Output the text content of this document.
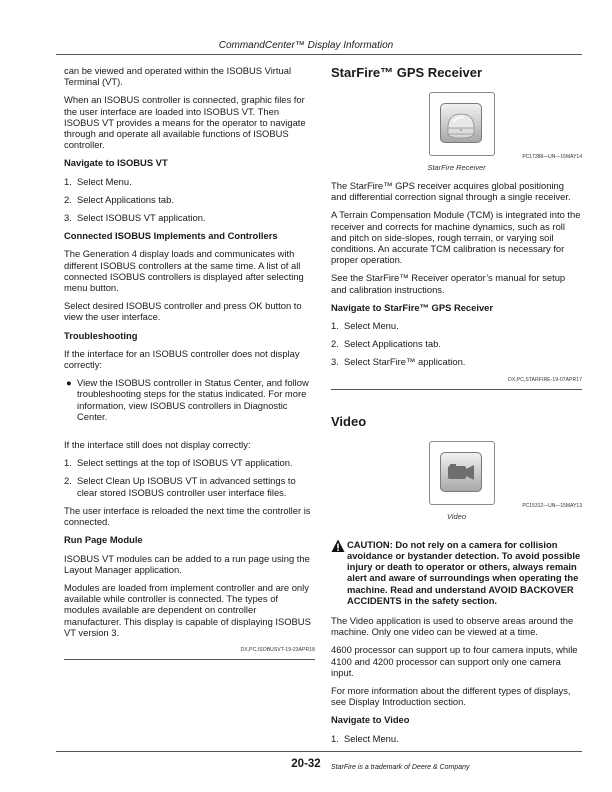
CommandCenter™ Display Information

can be viewed and operated within the ISOBUS Virtual Terminal (VT).

When an ISOBUS controller is connected, graphic files for the user interface are loaded into ISOBUS VT. Then ISOBUS VT provides a means for the operator to navigate through and operate all available functions of ISOBUS controller.

Navigate to ISOBUS VT
1. Select Menu.
2. Select Applications tab.
3. Select ISOBUS VT application.
Connected ISOBUS Implements and Controllers

The Generation 4 display loads and communicates with different ISOBUS controllers at the same time. A list of all connected ISOBUS controllers is displayed after selecting menu button.

Select desired ISOBUS controller and press OK button to view the user interface.

Troubleshooting

If the interface for an ISOBUS controller does not display correctly:

● View the ISOBUS controller in Status Center, and follow troubleshooting steps for the status indicated. For more information, view ISOBUS controllers in Diagnostic Center.

If the interface still does not display correctly:

1. Select settings at the top of ISOBUS VT application.
2. Select Clean Up ISOBUS VT in advanced settings to clear stored ISOBUS controller user interface files.

The user interface is reloaded the next time the controller is connected.

Run Page Module

ISOBUS VT modules can be added to a run page using the Layout Manager application.

Modules are loaded from implement controller and are only available while controller is connected. The types of modules available are dependent on controller manufacturer. This display is capable of displaying ISOBUS VT version 3.

DX,PC,ISOBUSVT-19-23APR18
StarFire™ GPS Receiver
PC17388—UN—15MAY14
StarFire Receiver

The StarFire™ GPS receiver acquires global positioning and differential correction signal through a single receiver.

A Terrain Compensation Module (TCM) is integrated into the receiver and corrects for machine dynamics, such as roll and pitch on side-slopes, rough terrain, or varying soil conditions. An accurate TCM calibration is necessary for proper operation.

See the StarFire™ Receiver operator’s manual for setup and calibration instructions.

Navigate to StarFire™ GPS Receiver
1. Select Menu.
2. Select Applications tab.
3. Select StarFire™ application.
DX,PC,STARFIRE-19-07APR17
Video
PC15312—UN—15MAY13
Video
CAUTION: Do not rely on a camera for collision avoidance or bystander detection. To avoid possible injury or death to operator or others, always remain alert and aware of surroundings when operating the machine. Read and understand AVOID BACKOVER ACCIDENTS in the safety section.

The Video application is used to observe areas around the machine. Only one video can be viewed at a time.

4600 processor can support up to four camera inputs, while 4100 and 4200 processor can support only one camera input.

For more information about the different types of displays, see Display Introduction section.

Navigate to Video
1. Select Menu.
StarFire is a trademark of Deere & Company
20-32
